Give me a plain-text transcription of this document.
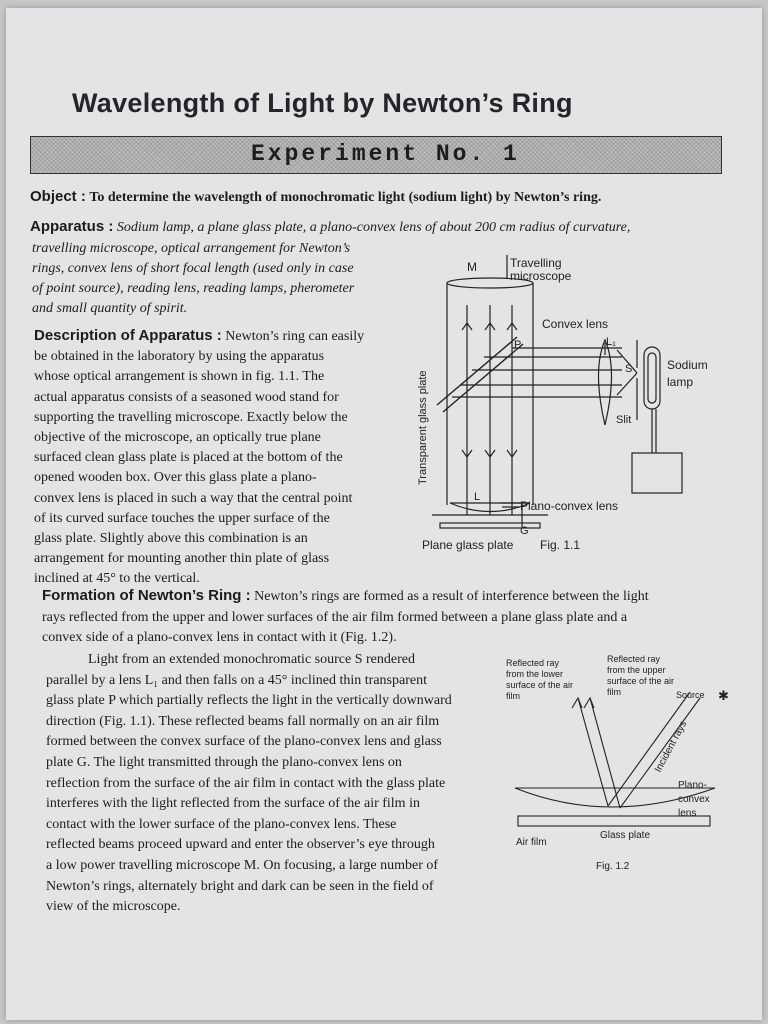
Wavelength of Light by Newton’s Ring
Experiment No. 1

Object : To determine the wavelength of monochromatic light (sodium light) by Newton’s ring.

Apparatus : Sodium lamp, a plane glass plate, a plano-convex lens of about 200 cm radius of curvature,

travelling microscope, optical arrangement for Newton’s
rings, convex lens of short focal length (used only in case
of point source), reading lens, reading lamps, pherometer
and small quantity of spirit.
Description of Apparatus : Newton’s ring can easily
be obtained in the laboratory by using the apparatus
whose optical arrangement is shown in fig. 1.1. The
actual apparatus consists of a seasoned wood stand for
supporting the travelling microscope. Exactly below the
objective of the microscope, an optically true plane
surfaced clean glass plate is placed at the bottom of the
opened wooden box. Over this glass plate a plano-
convex lens is placed in such a way that the central point
of its curved surface touches the upper surface of the
glass plate. Slightly above this combination is an
arrangement for mounting another thin plate of glass
inclined at 45° to the vertical.
Transparent glass plate
M	Travelling
microscope
Convex lens
L₁
P
S	Sodium
lamp
Slit
L
Plano-convex lens
G
Plane glass plate Fig. 1.1
Formation of Newton’s Ring : Newton’s rings are formed as a result of interference between the light
rays reflected from the upper and lower surfaces of the air film formed between a plane glass plate and a
convex side of a plano-convex lens in contact with it (Fig. 1.2).
Light from an extended monochromatic source S rendered
parallel by a lens L₁ and then falls on a 45° inclined thin transparent
glass plate P which partially reflects the light in the vertically downward
direction (Fig. 1.1). These reflected beams fall normally on an air film
formed between the convex surface of the plano-convex lens and glass
plate G. The light transmitted through the plano-convex lens on
reflection from the surface of the air film in contact with the glass plate
interferes with the light reflected from the surface of the air film in
contact with the lower surface of the plano-convex lens. These
reflected beams proceed upward and enter the observer’s eye through
a low power travelling microscope M. On focusing, a large number of
Newton’s rings, alternately bright and dark can be seen in the field of
view of the microscope.
Reflected ray from the lower surface of the air film
Reflected ray from the upper surface of the air film	Source ✱
Incident rays
Plano- convex lens
Air film
Glass plate
Fig. 1.2
